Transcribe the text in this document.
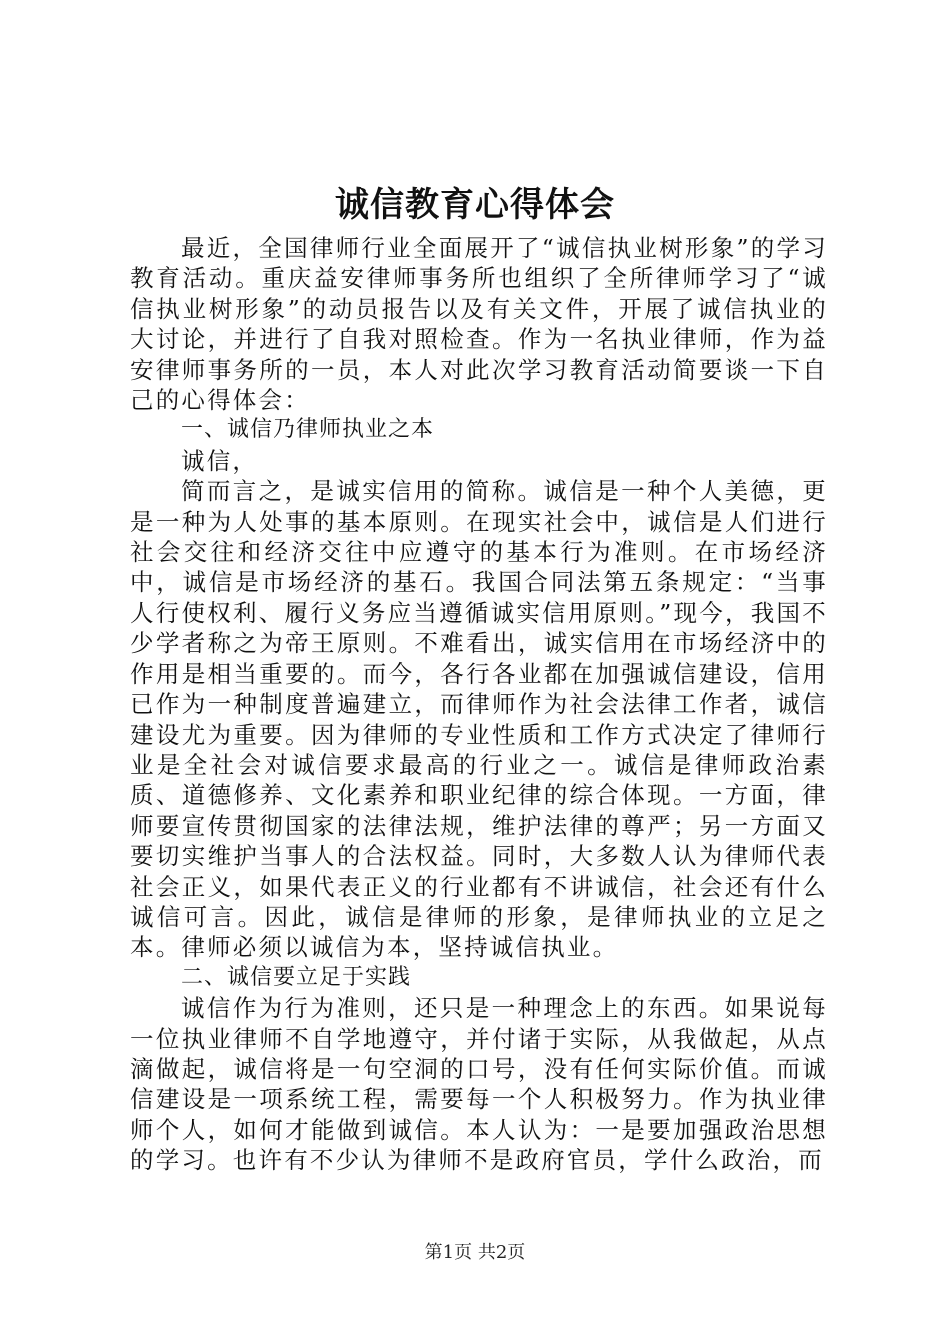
诚信教育心得体会

最近，全国律师行业全面展开了“诚信执业树形象”的学习教育活动。重庆益安律师事务所也组织了全所律师学习了“诚信执业树形象”的动员报告以及有关文件，开展了诚信执业的大讨论，并进行了自我对照检查。作为一名执业律师，作为益安律师事务所的一员，本人对此次学习教育活动简要谈一下自己的心得体会：

一、诚信乃律师执业之本

诚信，

简而言之，是诚实信用的简称。诚信是一种个人美德，更是一种为人处事的基本原则。在现实社会中，诚信是人们进行社会交往和经济交往中应遵守的基本行为准则。在市场经济中，诚信是市场经济的基石。我国合同法第五条规定：“当事人行使权利、履行义务应当遵循诚实信用原则。”现今，我国不少学者称之为帝王原则。不难看出，诚实信用在市场经济中的作用是相当重要的。而今，各行各业都在加强诚信建设，信用已作为一种制度普遍建立，而律师作为社会法律工作者，诚信建设尤为重要。因为律师的专业性质和工作方式决定了律师行业是全社会对诚信要求最高的行业之一。诚信是律师政治素质、道德修养、文化素养和职业纪律的综合体现。一方面，律师要宣传贯彻国家的法律法规，维护法律的尊严；另一方面又要切实维护当事人的合法权益。同时，大多数人认为律师代表社会正义，如果代表正义的行业都有不讲诚信，社会还有什么诚信可言。因此，诚信是律师的形象，是律师执业的立足之本。律师必须以诚信为本，坚持诚信执业。

二、诚信要立足于实践

诚信作为行为准则，还只是一种理念上的东西。如果说每一位执业律师不自学地遵守，并付诸于实际，从我做起，从点滴做起，诚信将是一句空洞的口号，没有任何实际价值。而诚信建设是一项系统工程，需要每一个人积极努力。作为执业律师个人，如何才能做到诚信。本人认为：一是要加强政治思想的学习。也许有不少认为律师不是政府官员，学什么政治，而

第1页 共2页
